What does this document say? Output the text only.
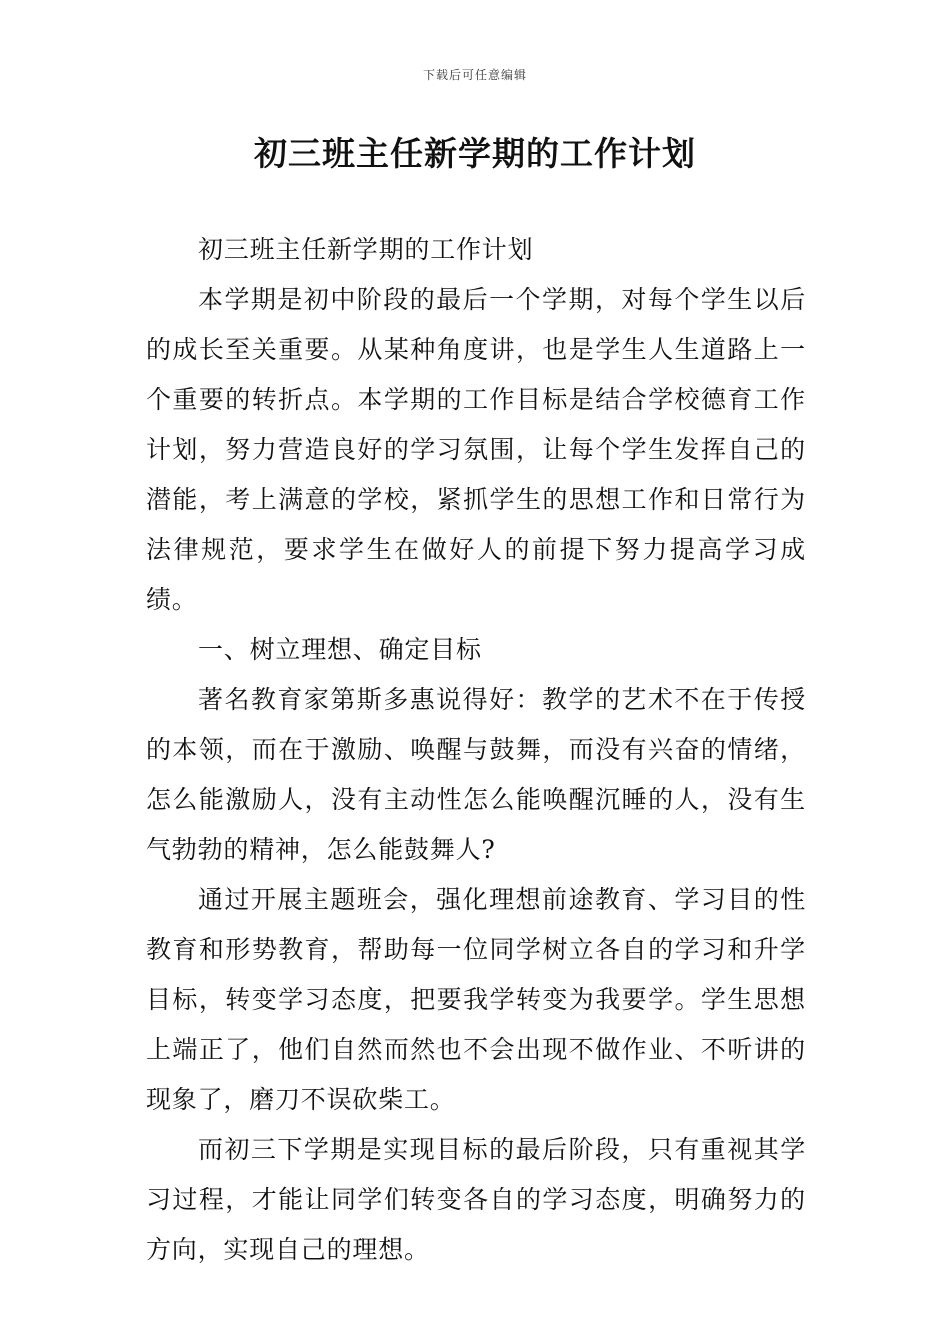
下载后可任意编辑
初三班主任新学期的工作计划

初三班主任新学期的工作计划

本学期是初中阶段的最后一个学期，对每个学生以后的成长至关重要。从某种角度讲，也是学生人生道路上一个重要的转折点。本学期的工作目标是结合学校德育工作计划，努力营造良好的学习氛围，让每个学生发挥自己的潜能，考上满意的学校，紧抓学生的思想工作和日常行为法律规范，要求学生在做好人的前提下努力提高学习成绩。

一、树立理想、确定目标

著名教育家第斯多惠说得好：教学的艺术不在于传授的本领，而在于激励、唤醒与鼓舞，而没有兴奋的情绪，怎么能激励人，没有主动性怎么能唤醒沉睡的人，没有生气勃勃的精神，怎么能鼓舞人?

通过开展主题班会，强化理想前途教育、学习目的性教育和形势教育，帮助每一位同学树立各自的学习和升学目标，转变学习态度，把要我学转变为我要学。学生思想上端正了，他们自然而然也不会出现不做作业、不听讲的现象了，磨刀不误砍柴工。

而初三下学期是实现目标的最后阶段，只有重视其学习过程，才能让同学们转变各自的学习态度，明确努力的方向，实现自己的理想。
